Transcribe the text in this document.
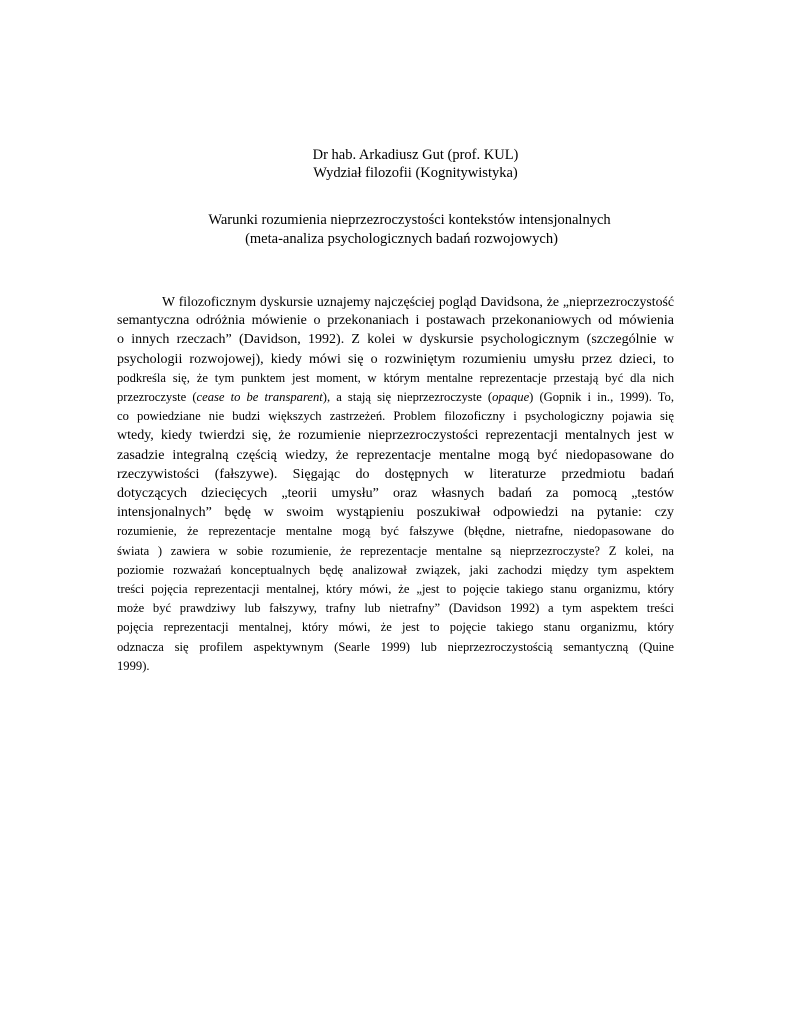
Dr hab. Arkadiusz Gut (prof. KUL)
Wydział filozofii (Kognitywistyka)
Warunki rozumienia nieprzezroczystości kontekstów intensjonalnych
(meta-analiza psychologicznych badań rozwojowych)
W filozoficznym dyskursie uznajemy najczęściej pogląd Davidsona, że „nieprzezroczystość
semantyczna odróżnia mówienie o przekonaniach i postawach przekonaniowych od mówienia
o innych rzeczach” (Davidson, 1992). Z kolei w dyskursie psychologicznym (szczególnie w
psychologii rozwojowej), kiedy mówi się o rozwiniętym rozumieniu umysłu przez dzieci, to
podkreśla się, że tym punktem jest moment, w którym mentalne reprezentacje przestają być dla nich
przezroczyste (cease to be transparent), a stają się nieprzezroczyste (opaque) (Gopnik i in., 1999). To,
co powiedziane nie budzi większych zastrzeżeń. Problem filozoficzny i psychologiczny pojawia się
wtedy, kiedy twierdzi się, że rozumienie nieprzezroczystości reprezentacji mentalnych jest w
zasadzie integralną częścią wiedzy, że reprezentacje mentalne mogą być niedopasowane do
rzeczywistości (fałszywe). Sięgając do dostępnych w literaturze przedmiotu badań
dotyczących dziecięcych „teorii umysłu” oraz własnych badań za pomocą „testów
intensjonalnych” będę w swoim wystąpieniu poszukiwał odpowiedzi na pytanie: czy
rozumienie, że reprezentacje mentalne mogą być fałszywe (błędne, nietrafne, niedopasowane do
świata ) zawiera w sobie rozumienie, że reprezentacje mentalne są nieprzezroczyste? Z kolei, na
poziomie rozważań konceptualnych będę analizował związek, jaki zachodzi między tym aspektem
treści pojęcia reprezentacji mentalnej, który mówi, że „jest to pojęcie takiego stanu organizmu, który
może być prawdziwy lub fałszywy, trafny lub nietrafny” (Davidson 1992) a tym aspektem treści
pojęcia reprezentacji mentalnej, który mówi, że jest to pojęcie takiego stanu organizmu, który
odznacza się profilem aspektywnym (Searle 1999) lub nieprzezroczystością semantyczną (Quine
1999).
